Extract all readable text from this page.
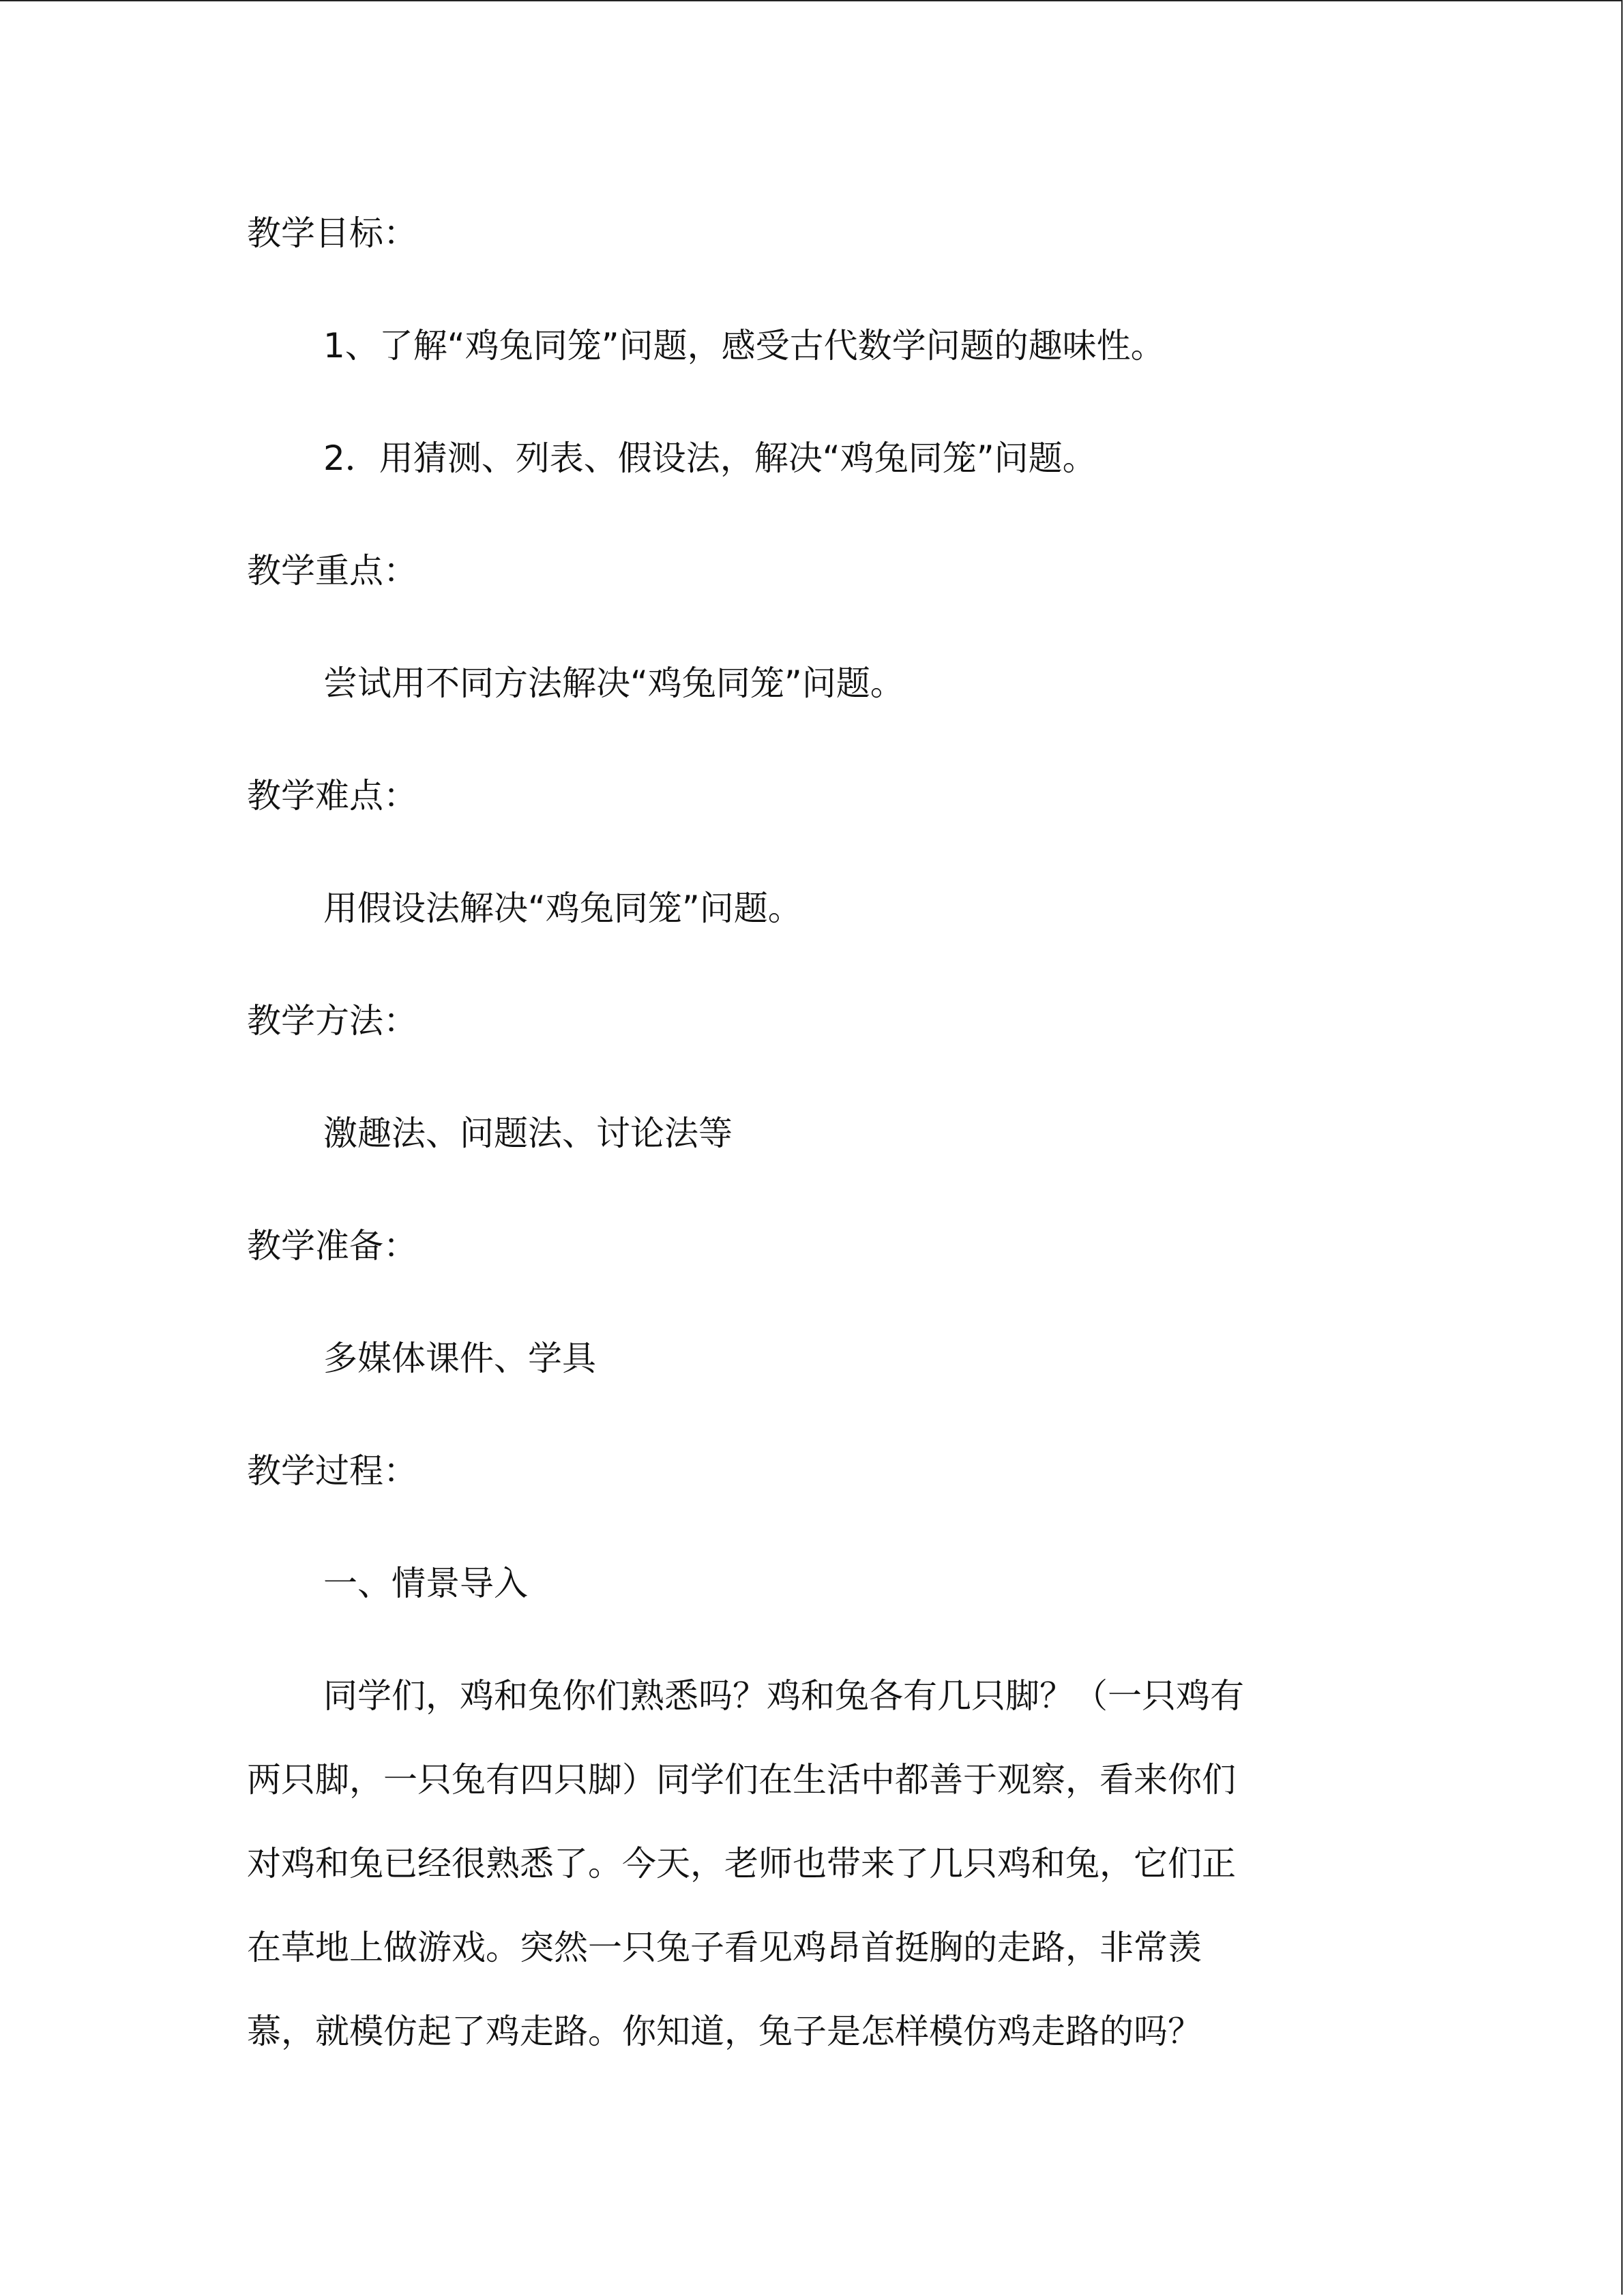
教学目标：

1、了解“鸡兔同笼”问题，感受古代数学问题的趣味性。

2．用猜测、列表、假设法，解决“鸡兔同笼”问题。

教学重点：

尝试用不同方法解决“鸡兔同笼”问题。

教学难点：

用假设法解决“鸡兔同笼”问题。

教学方法：

激趣法、问题法、讨论法等

教学准备：

多媒体课件、学具

教学过程：

一、情景导入

同学们，鸡和兔你们熟悉吗？鸡和兔各有几只脚？（一只鸡有

两只脚，一只兔有四只脚）同学们在生活中都善于观察，看来你们

对鸡和兔已经很熟悉了。今天，老师也带来了几只鸡和兔，它们正

在草地上做游戏。突然一只兔子看见鸡昂首挺胸的走路，非常羡

慕，就模仿起了鸡走路。你知道，兔子是怎样模仿鸡走路的吗？
